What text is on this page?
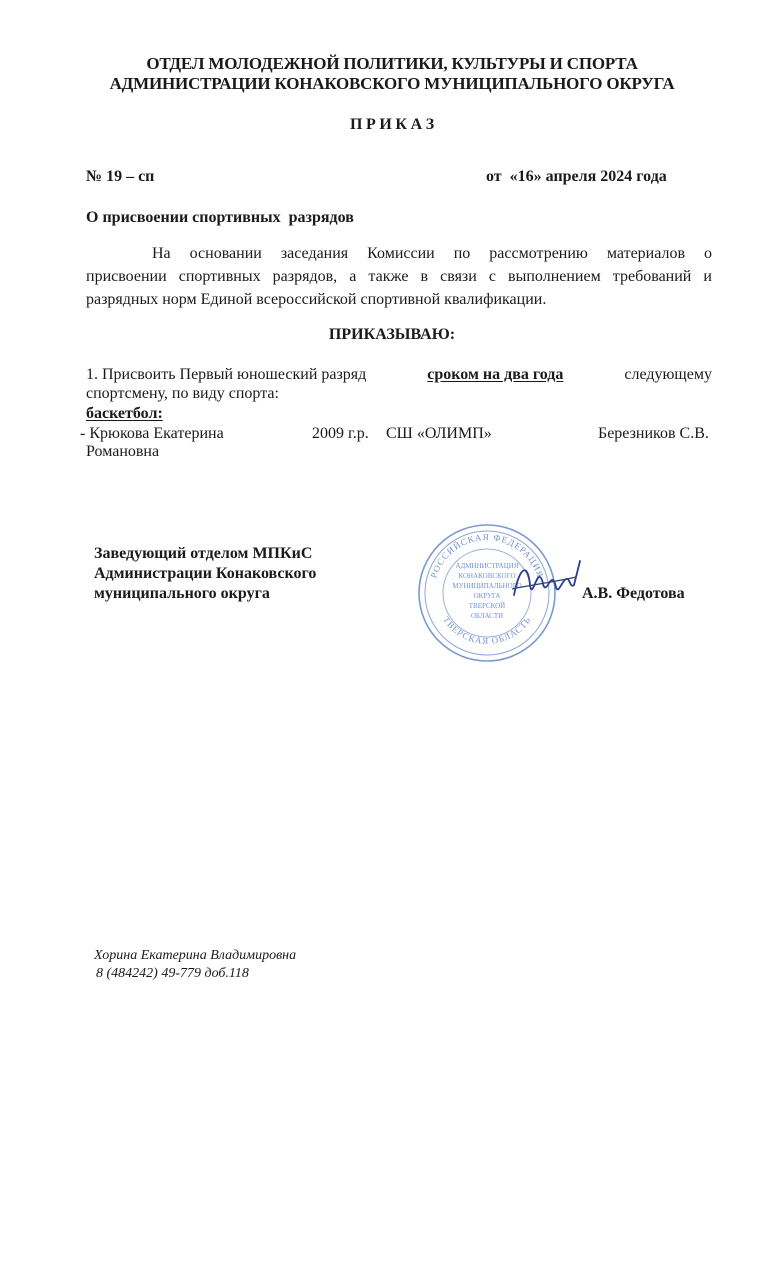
ОТДЕЛ МОЛОДЕЖНОЙ ПОЛИТИКИ, КУЛЬТУРЫ И СПОРТА
АДМИНИСТРАЦИИ КОНАКОВСКОГО МУНИЦИПАЛЬНОГО ОКРУГА
П Р И К А З
№ 19 – сп	от  «16» апреля 2024 года
О присвоении спортивных  разрядов
На основании заседания Комиссии по рассмотрению материалов о
присвоении спортивных разрядов, а также в связи с выполнением требований и
разрядных норм Единой всероссийской спортивной квалификации.
ПРИКАЗЫВАЮ:
1. Присвоить Первый юношеский разряд	сроком на два года	следующему
спортсмену, по виду спорта:
баскетбол:
- Крюкова Екатерина	2009 г.р. СШ «ОЛИМП»	Березников С.В.
Романовна
Заведующий отделом МПКиС
Администрации Конаковского
муниципального округа
РОССИЙСКАЯ ФЕДЕРАЦИЯ
ТВЕРСКАЯ ОБЛАСТЬ
АДМИНИСТРАЦИЯ
КОНАКОВСКОГО
МУНИЦИПАЛЬНОГО
ОКРУГА
ТВЕРСКОЙ
ОБЛАСТИ
А.В. Федотова
Хорина Екатерина Владимировна
8 (484242) 49-779 доб.118
